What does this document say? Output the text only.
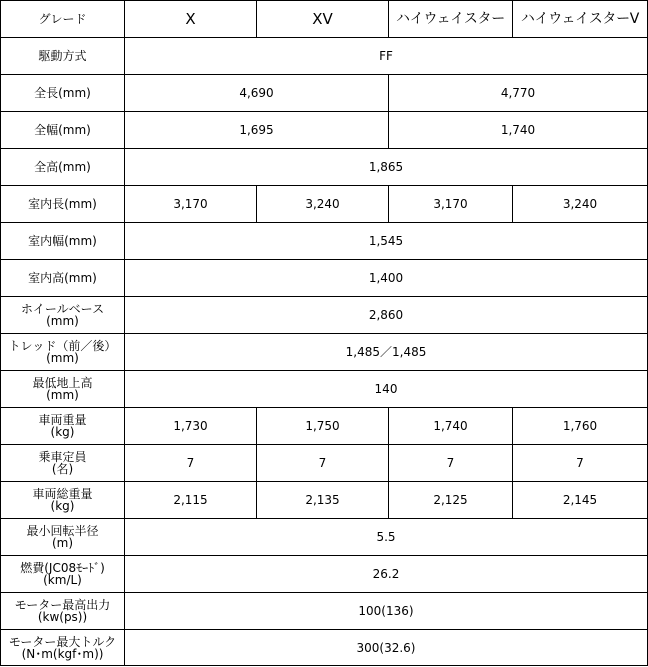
グレード	X	XV	ハイウェイスター	ハイウェイスターV
駆動方式	FF			
全長(mm)	4,690		4,770	
全幅(mm)	1,695		1,740	
全高(mm)	1,865			
室内長(mm)	3,170	3,240	3,170	3,240
室内幅(mm)	1,545			
室内高(mm)	1,400			
ホイールベース
(mm)	2,860			
トレッド（前／後）
(mm)	1,485／1,485			
最低地上高
(mm)	140			
車両重量
(kg)	1,730	1,750	1,740	1,760
乗車定員
(名)	7	7	7	7
車両総重量
(kg)	2,115	2,135	2,125	2,145
最小回転半径
(m)	5.5			
燃費(JC08ﾓｰﾄﾞ)
(km/L)	26.2			
モーター最高出力
(kw(ps))	100(136)			
モーター最大トルク
(N･m(kgf･m))	300(32.6)			
